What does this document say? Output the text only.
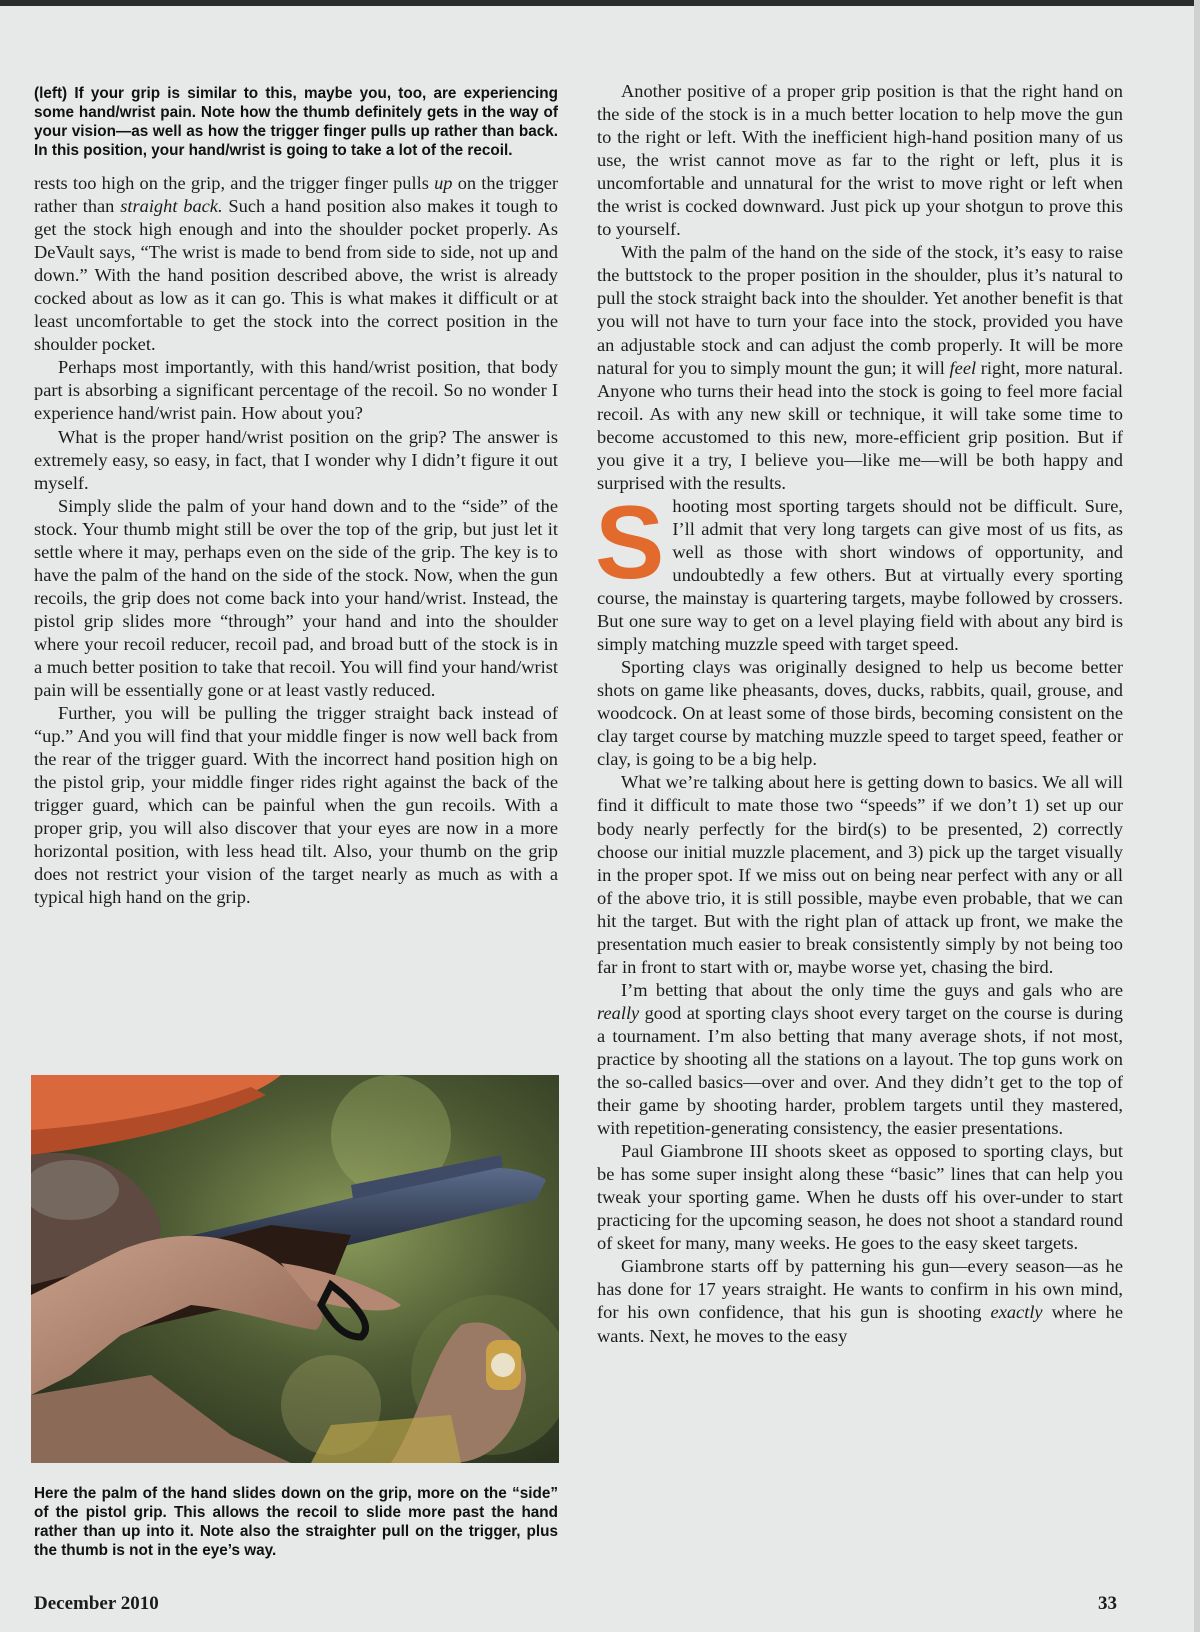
(left) If your grip is similar to this, maybe you, too, are experiencing some hand/wrist pain. Note how the thumb definitely gets in the way of your vision—as well as how the trigger finger pulls up rather than back. In this position, your hand/wrist is going to take a lot of the recoil.

rests too high on the grip, and the trigger finger pulls up on the trigger rather than straight back. Such a hand position also makes it tough to get the stock high enough and into the shoulder pocket properly. As DeVault says, “The wrist is made to bend from side to side, not up and down.” With the hand position described above, the wrist is already cocked about as low as it can go. This is what makes it difficult or at least uncomfortable to get the stock into the correct position in the shoulder pocket.

Perhaps most importantly, with this hand/wrist position, that body part is absorbing a significant percentage of the recoil. So no wonder I experience hand/wrist pain. How about you?

What is the proper hand/wrist position on the grip? The answer is extremely easy, so easy, in fact, that I wonder why I didn’t figure it out myself.

Simply slide the palm of your hand down and to the “side” of the stock. Your thumb might still be over the top of the grip, but just let it settle where it may, perhaps even on the side of the grip. The key is to have the palm of the hand on the side of the stock. Now, when the gun recoils, the grip does not come back into your hand/wrist. Instead, the pistol grip slides more “through” your hand and into the shoulder where your recoil reducer, recoil pad, and broad butt of the stock is in a much better position to take that recoil. You will find your hand/wrist pain will be essentially gone or at least vastly reduced.

Further, you will be pulling the trigger straight back instead of “up.” And you will find that your middle finger is now well back from the rear of the trigger guard. With the incorrect hand position high on the pistol grip, your middle finger rides right against the back of the trigger guard, which can be painful when the gun recoils. With a proper grip, you will also discover that your eyes are now in a more horizontal position, with less head tilt. Also, your thumb on the grip does not restrict your vision of the target nearly as much as with a typical high hand on the grip.

Here the palm of the hand slides down on the grip, more on the “side” of the pistol grip. This allows the recoil to slide more past the hand rather than up into it. Note also the straighter pull on the trigger, plus the thumb is not in the eye’s way.

Another positive of a proper grip position is that the right hand on the side of the stock is in a much better location to help move the gun to the right or left. With the inefficient high-hand position many of us use, the wrist cannot move as far to the right or left, plus it is uncomfortable and unnatural for the wrist to move right or left when the wrist is cocked downward. Just pick up your shotgun to prove this to yourself.

With the palm of the hand on the side of the stock, it’s easy to raise the buttstock to the proper position in the shoulder, plus it’s natural to pull the stock straight back into the shoulder. Yet another benefit is that you will not have to turn your face into the stock, provided you have an adjustable stock and can adjust the comb properly. It will be more natural for you to simply mount the gun; it will feel right, more natural. Anyone who turns their head into the stock is going to feel more facial recoil. As with any new skill or technique, it will take some time to become accustomed to this new, more-efficient grip position. But if you give it a try, I believe you—like me—will be both happy and surprised with the results.

S hooting most sporting targets should not be difficult. Sure, I’ll admit that very long targets can give most of us fits, as well as those with short windows of opportunity, and undoubtedly a few others. But at virtually every sporting course, the mainstay is quartering targets, maybe followed by crossers. But one sure way to get on a level playing field with about any bird is simply matching muzzle speed with target speed.

Sporting clays was originally designed to help us become better shots on game like pheasants, doves, ducks, rabbits, quail, grouse, and woodcock. On at least some of those birds, becoming consistent on the clay target course by matching muzzle speed to target speed, feather or clay, is going to be a big help.

What we’re talking about here is getting down to basics. We all will find it difficult to mate those two “speeds” if we don’t 1) set up our body nearly perfectly for the bird(s) to be presented, 2) correctly choose our initial muzzle placement, and 3) pick up the target visually in the proper spot. If we miss out on being near perfect with any or all of the above trio, it is still possible, maybe even probable, that we can hit the target. But with the right plan of attack up front, we make the presentation much easier to break consistently simply by not being too far in front to start with or, maybe worse yet, chasing the bird.

I’m betting that about the only time the guys and gals who are really good at sporting clays shoot every target on the course is during a tournament. I’m also betting that many average shots, if not most, practice by shooting all the stations on a layout. The top guns work on the so-called basics—over and over. And they didn’t get to the top of their game by shooting harder, problem targets until they mastered, with repetition-generating consistency, the easier presentations.

Paul Giambrone III shoots skeet as opposed to sporting clays, but be has some super insight along these “basic” lines that can help you tweak your sporting game. When he dusts off his over-under to start practicing for the upcoming season, he does not shoot a standard round of skeet for many, many weeks. He goes to the easy skeet targets.

Giambrone starts off by patterning his gun—every season—as he has done for 17 years straight. He wants to confirm in his own mind, for his own confidence, that his gun is shooting exactly where he wants. Next, he moves to the easy

December 2010	33
